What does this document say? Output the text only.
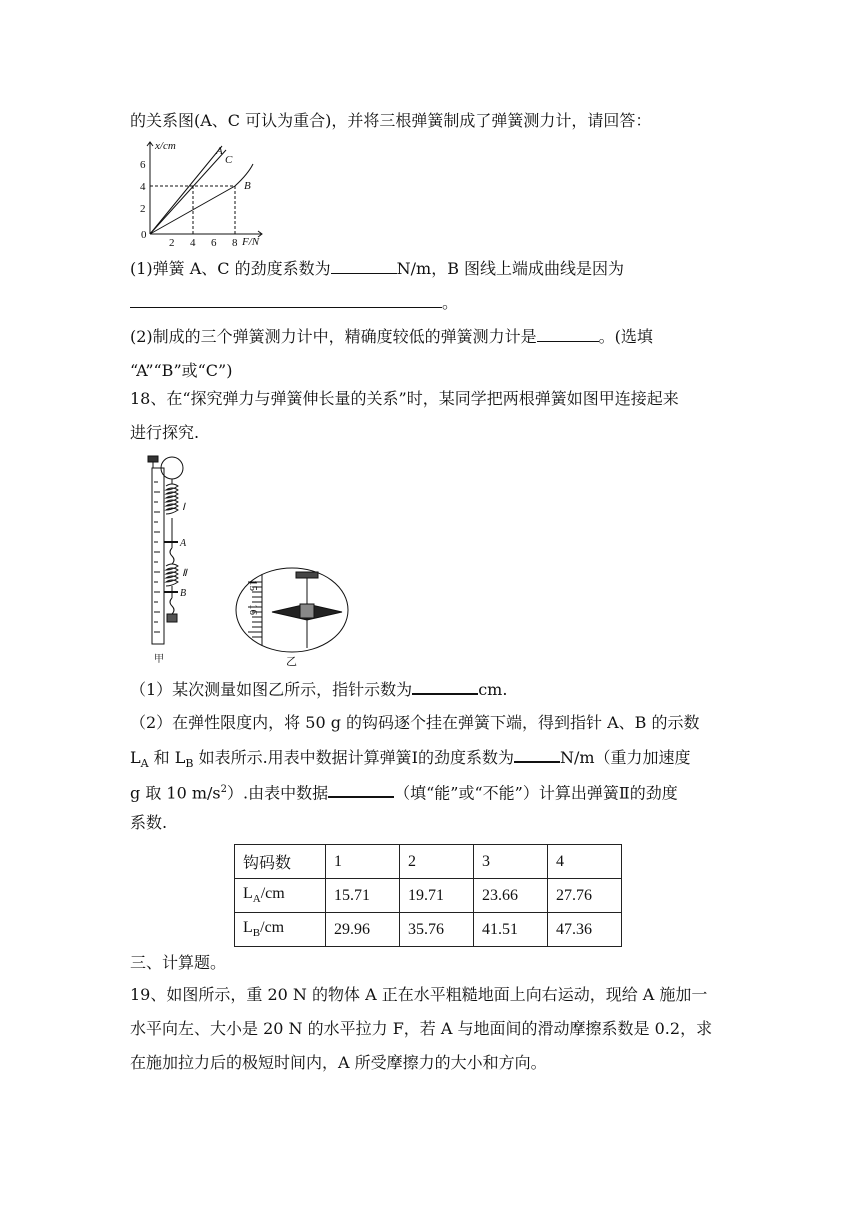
的关系图(A、C 可认为重合)，并将三根弹簧制成了弹簧测力计，请回答：
6
4
2
0
2 4 6 8 F/N
x/cm	A
C
B
(1)弹簧 A、C 的劲度系数为	N/m，B 图线上端成曲线是因为
。
(2)制成的三个弹簧测力计中，精确度较低的弹簧测力计是	。(选填
“A”“B”或“C”)
18、在“探究弹力与弹簧伸长量的关系”时，某同学把两根弹簧如图甲连接起来
进行探究.
Ⅰ
A
Ⅱ
B
甲
15
16
乙
（1）某次测量如图乙所示，指针示数为	cm.
（2）在弹性限度内，将 50 g 的钩码逐个挂在弹簧下端，得到指针 A、B 的示数
$L_A$ 和 $L_B$ 如表所示.用表中数据计算弹簧Ⅰ的劲度系数为	N/m（重力加速度
g 取 10 $m/s^2$）.由表中数据	（填“能”或“不能”）计算出弹簧Ⅱ的劲度
系数.
钩码数	1	2	3	4
$L_A/cm$	15.71	19.71	23.66	27.76
$L_B/cm$	29.96	35.76	41.51	47.36
三、计算题。
19、如图所示，重 20 N 的物体 A 正在水平粗糙地面上向右运动，现给 A 施加一
水平向左、大小是 20 N 的水平拉力 F，若 A 与地面间的滑动摩擦系数是 0.2，求
在施加拉力后的极短时间内，A 所受摩擦力的大小和方向。
